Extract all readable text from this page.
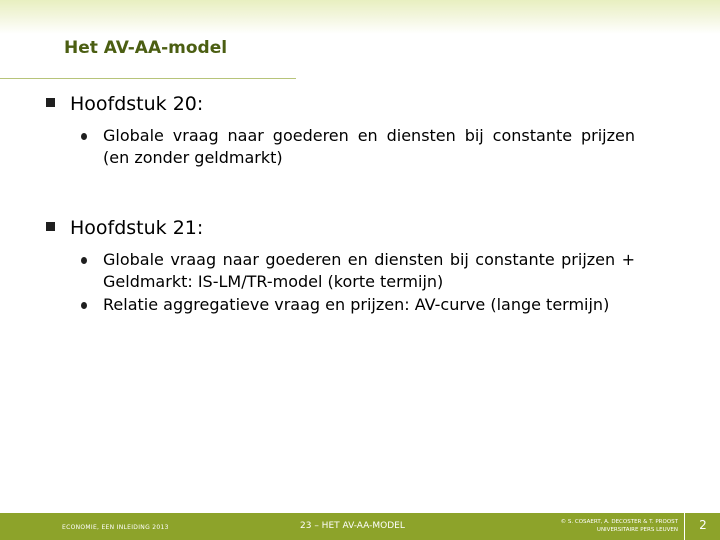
Het AV-AA-model
Hoofdstuk 20:
Globale vraag naar goederen en diensten bij constante prijzen (en zonder geldmarkt)
Hoofdstuk 21:
Globale vraag naar goederen en diensten bij constante prijzen + Geldmarkt: IS-LM/TR-model (korte termijn)
Relatie aggregatieve vraag en prijzen: AV-curve (lange termijn)
ECONOMIE, EEN INLEIDING 2013	23 – HET AV-AA-MODEL	© S. COSAERT, A. DECOSTER & T. PROOST
UNIVERSITAIRE PERS LEUVEN	2
